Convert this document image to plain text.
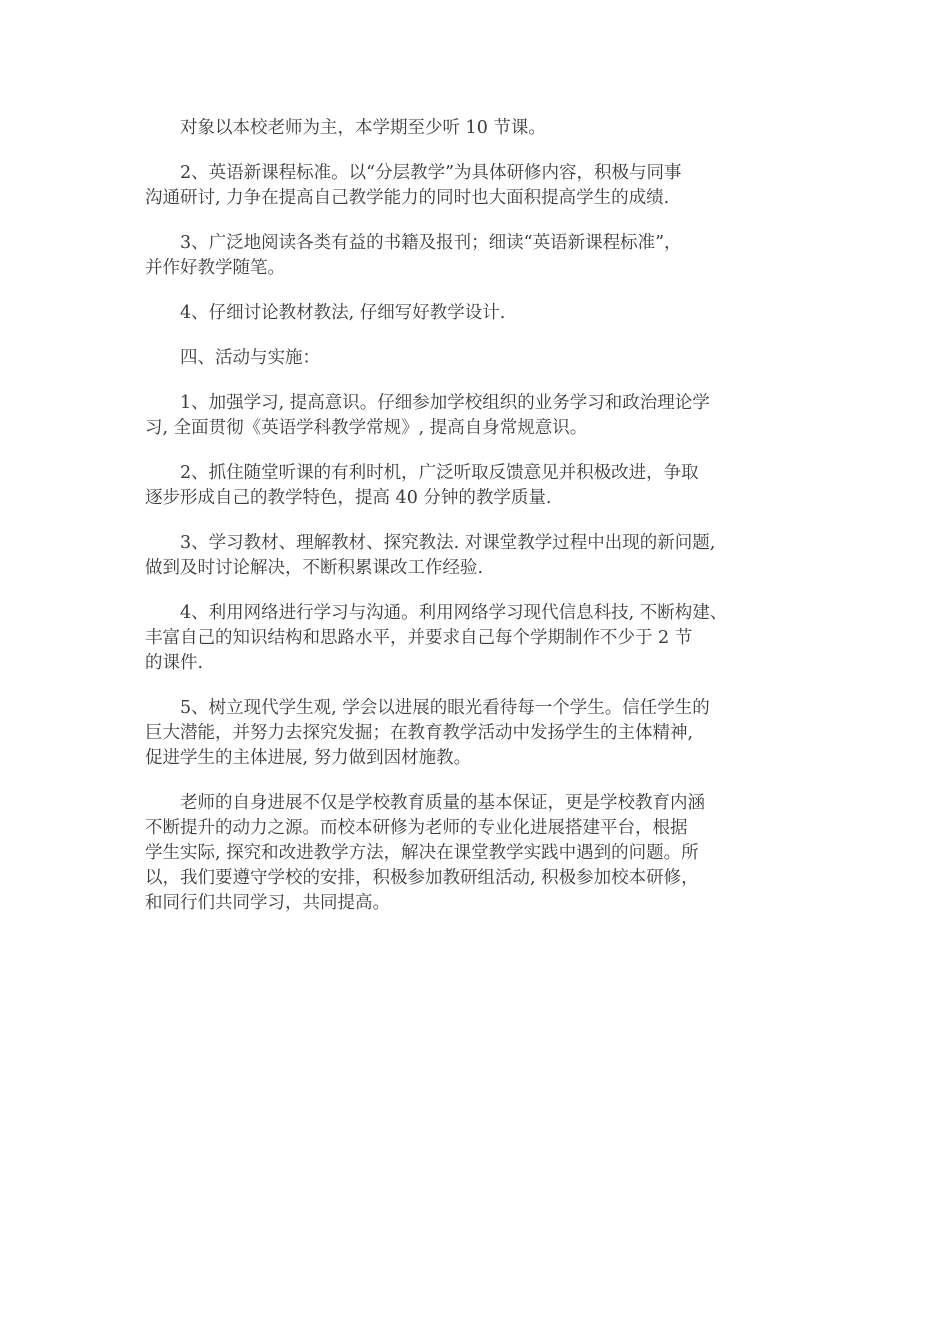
　　对象以本校老师为主，本学期至少听 10 节课。

　　2、英语新课程标准。以“分层教学”为具体研修内容，积极与同事
沟通研讨, 力争在提高自己教学能力的同时也大面积提高学生的成绩.

　　3、广泛地阅读各类有益的书籍及报刊；细读“英语新课程标准”，
并作好教学随笔。

　　4、仔细讨论教材教法, 仔细写好教学设计.

　　四、活动与实施：

　　1、加强学习, 提高意识。仔细参加学校组织的业务学习和政治理论学
习, 全面贯彻《英语学科教学常规》, 提高自身常规意识。

　　2、抓住随堂听课的有利时机，广泛听取反馈意见并积极改进，争取
逐步形成自己的教学特色，提高 40 分钟的教学质量.

　　3、学习教材、理解教材、探究教法. 对课堂教学过程中出现的新问题,
做到及时讨论解决，不断积累课改工作经验.

　　4、利用网络进行学习与沟通。利用网络学习现代信息科技, 不断构建、
丰富自己的知识结构和思路水平，并要求自己每个学期制作不少于 2 节
的课件.

　　5、树立现代学生观, 学会以进展的眼光看待每一个学生。信任学生的
巨大潜能，并努力去探究发掘；在教育教学活动中发扬学生的主体精神,
促进学生的主体进展, 努力做到因材施教。

　　老师的自身进展不仅是学校教育质量的基本保证，更是学校教育内涵
不断提升的动力之源。而校本研修为老师的专业化进展搭建平台，根据
学生实际, 探究和改进教学方法，解决在课堂教学实践中遇到的问题。所
以，我们要遵守学校的安排，积极参加教研组活动, 积极参加校本研修，
和同行们共同学习，共同提高。
